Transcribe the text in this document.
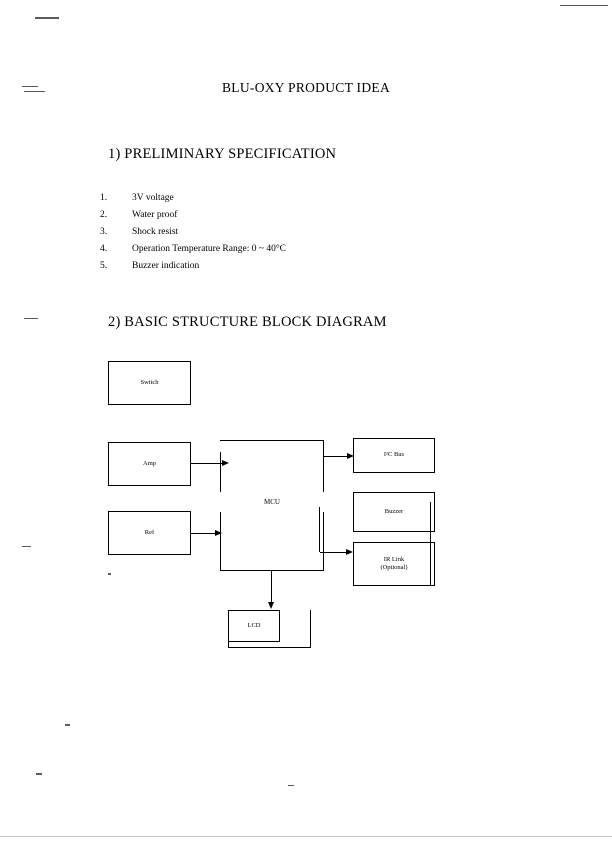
BLU-OXY PRODUCT IDEA
1) PRELIMINARY SPECIFICATION
1.	3V voltage
2.	Water proof
3.	Shock resist
4.	Operation Temperature Range: 0 ~ 40°C
5.	Buzzer indication
2) BASIC STRUCTURE BLOCK DIAGRAM
Switch
Amp
Ref
MCU
I²C Bus
Buzzer
IR Link
(Optional)
LCD
